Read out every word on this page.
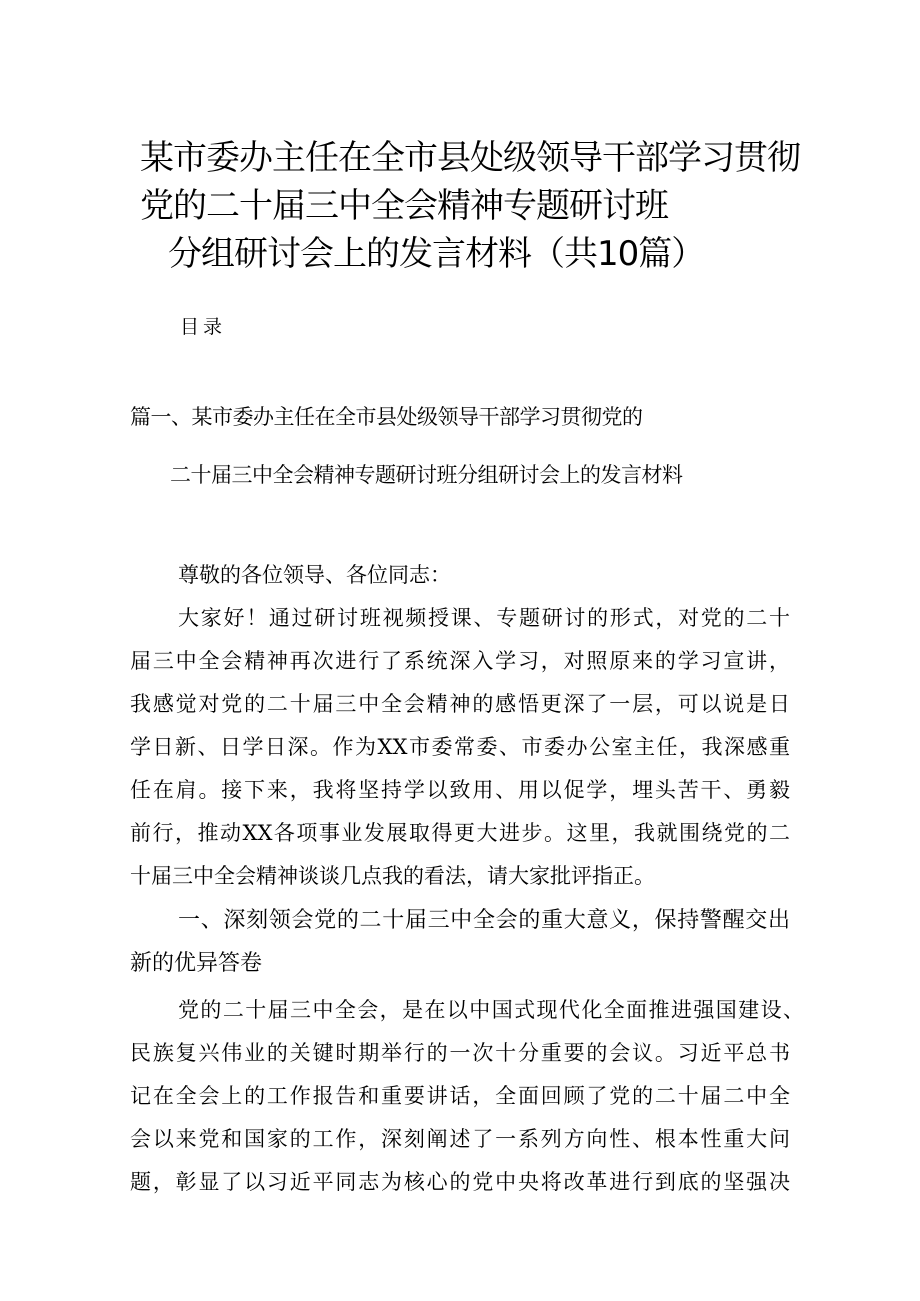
某市委办主任在全市县处级领导干部学习贯彻
党的二十届三中全会精神专题研讨班
分组研讨会上的发言材料（共10篇）
目录
篇一、某市委办主任在全市县处级领导干部学习贯彻党的
二十届三中全会精神专题研讨班分组研讨会上的发言材料
尊敬的各位领导、各位同志：
大家好！通过研讨班视频授课、专题研讨的形式，对党的二十
届三中全会精神再次进行了系统深入学习，对照原来的学习宣讲，
我感觉对党的二十届三中全会精神的感悟更深了一层，可以说是日
学日新、日学日深。作为XX市委常委、市委办公室主任，我深感重
任在肩。接下来，我将坚持学以致用、用以促学，埋头苦干、勇毅
前行，推动XX各项事业发展取得更大进步。这里，我就围绕党的二
十届三中全会精神谈谈几点我的看法，请大家批评指正。
一、深刻领会党的二十届三中全会的重大意义，保持警醒交出
新的优异答卷
党的二十届三中全会，是在以中国式现代化全面推进强国建设、
民族复兴伟业的关键时期举行的一次十分重要的会议。习近平总书
记在全会上的工作报告和重要讲话，全面回顾了党的二十届二中全
会以来党和国家的工作，深刻阐述了一系列方向性、根本性重大问
题，彰显了以习近平同志为核心的党中央将改革进行到底的坚强决
